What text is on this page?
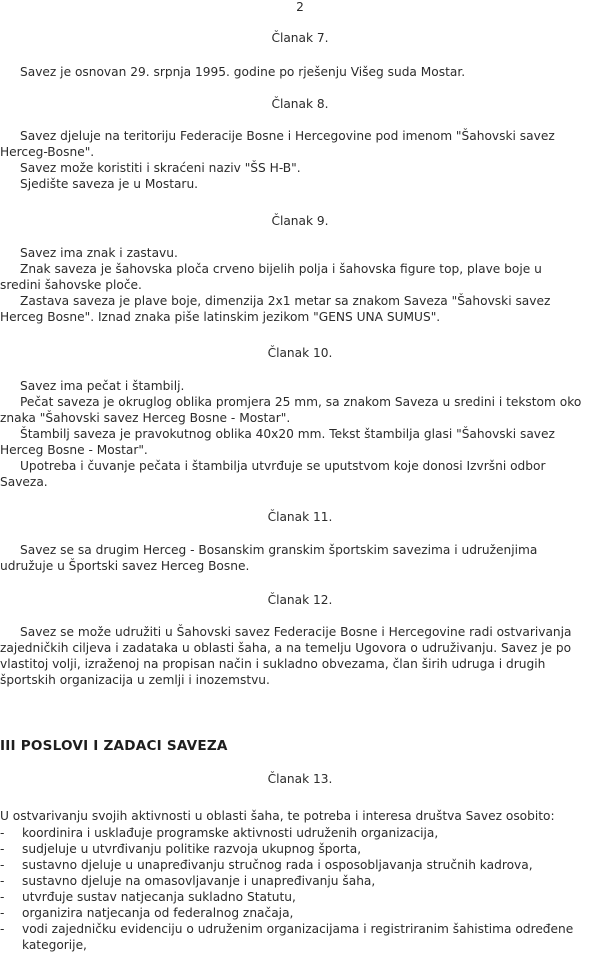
2
Članak 7.
Savez je osnovan 29. srpnja 1995. godine po rješenju Višeg suda Mostar.
Članak 8.
Savez djeluje na teritoriju Federacije Bosne i Hercegovine pod imenom "Šahovski savez
Herceg-Bosne".
Savez može koristiti i skraćeni naziv "ŠS H-B".
Sjedište saveza je u Mostaru.
Članak 9.
Savez ima znak i zastavu.
Znak saveza je šahovska ploča crveno bijelih polja i šahovska figure top, plave boje u
sredini šahovske ploče.
Zastava saveza je plave boje, dimenzija 2x1 metar sa znakom Saveza "Šahovski savez
Herceg Bosne". Iznad znaka piše latinskim jezikom "GENS UNA SUMUS".
Članak 10.
Savez ima pečat i štambilj.
Pečat saveza je okruglog oblika promjera 25 mm, sa znakom Saveza u sredini i tekstom oko
znaka "Šahovski savez Herceg Bosne - Mostar".
Štambilj saveza je pravokutnog oblika 40x20 mm. Tekst štambilja glasi "Šahovski savez
Herceg Bosne - Mostar".
Upotreba i čuvanje pečata i štambilja utvrđuje se uputstvom koje donosi Izvršni odbor
Saveza.
Članak 11.
Savez se sa drugim Herceg - Bosanskim granskim športskim savezima i udruženjima
udružuje u Športski savez Herceg Bosne.
Članak 12.
Savez se može udružiti u Šahovski savez Federacije Bosne i Hercegovine radi ostvarivanja
zajedničkih ciljeva i zadataka u oblasti šaha, a na temelju Ugovora o udruživanju. Savez je po
vlastitoj volji, izraženoj na propisan način i sukladno obvezama, član širih udruga i drugih
športskih organizacija u zemlji i inozemstvu.
III POSLOVI I ZADACI SAVEZA
Članak 13.
U ostvarivanju svojih aktivnosti u oblasti šaha, te potreba i interesa društva Savez osobito:
- koordinira i usklađuje programske aktivnosti udruženih organizacija,
- sudjeluje u utvrđivanju politike razvoja ukupnog športa,
- sustavno djeluje u unapređivanju stručnog rada i osposobljavanja stručnih kadrova,
- sustavno djeluje na omasovljavanje i unapređivanju šaha,
- utvrđuje sustav natjecanja sukladno Statutu,
- organizira natjecanja od federalnog značaja,
- vodi zajedničku evidenciju o udruženim organizacijama i registriranim šahistima određene
kategorije,
